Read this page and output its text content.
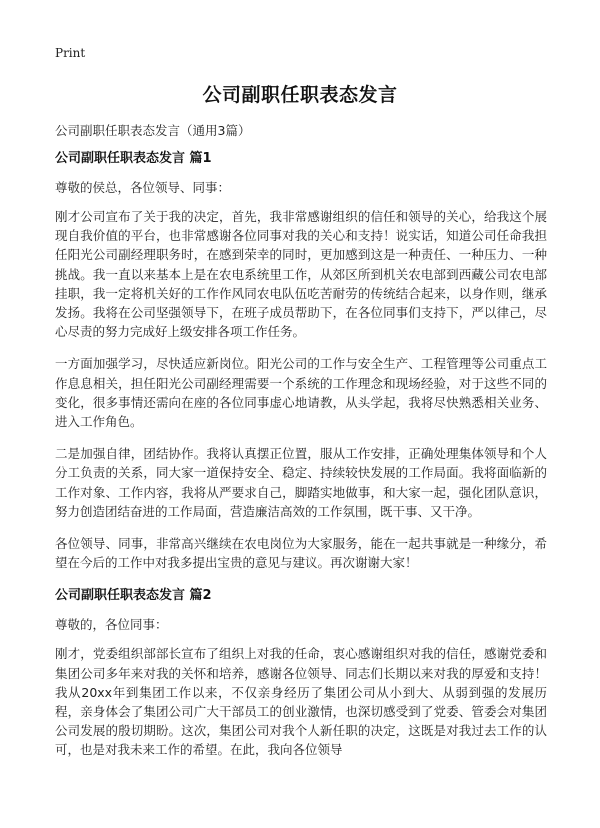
Print
公司副职任职表态发言
公司副职任职表态发言（通用3篇）
公司副职任职表态发言 篇1

尊敬的侯总，各位领导、同事：

刚才公司宣布了关于我的决定，首先，我非常感谢组织的信任和领导的关心，给我这个展现自我价值的平台，也非常感谢各位同事对我的关心和支持！说实话，知道公司任命我担任阳光公司副经理职务时，在感到荣幸的同时，更加感到这是一种责任、一种压力、一种挑战。我一直以来基本上是在农电系统里工作，从郊区所到机关农电部到西藏公司农电部挂职，我一定将机关好的工作作风同农电队伍吃苦耐劳的传统结合起来，以身作则，继承发扬。我将在公司坚强领导下，在班子成员帮助下，在各位同事们支持下，严以律己，尽心尽责的努力完成好上级安排各项工作任务。

一方面加强学习，尽快适应新岗位。阳光公司的工作与安全生产、工程管理等公司重点工作息息相关，担任阳光公司副经理需要一个系统的工作理念和现场经验，对于这些不同的变化，很多事情还需向在座的各位同事虚心地请教，从头学起，我将尽快熟悉相关业务、进入工作角色。

二是加强自律，团结协作。我将认真摆正位置，服从工作安排，正确处理集体领导和个人分工负责的关系，同大家一道保持安全、稳定、持续较快发展的工作局面。我将面临新的工作对象、工作内容，我将从严要求自己，脚踏实地做事，和大家一起，强化团队意识，努力创造团结奋进的工作局面，营造廉洁高效的工作氛围，既干事、又干净。

各位领导、同事，非常高兴继续在农电岗位为大家服务，能在一起共事就是一种缘分，希望在今后的工作中对我多提出宝贵的意见与建议。再次谢谢大家！

公司副职任职表态发言 篇2

尊敬的，各位同事：

刚才，党委组织部部长宣布了组织上对我的任命，衷心感谢组织对我的信任，感谢党委和集团公司多年来对我的关怀和培养，感谢各位领导、同志们长期以来对我的厚爱和支持！我从20xx年到集团工作以来，不仅亲身经历了集团公司从小到大、从弱到强的发展历程，亲身体会了集团公司广大干部员工的创业激情，也深切感受到了党委、管委会对集团公司发展的殷切期盼。这次，集团公司对我个人新任职的决定，这既是对我过去工作的认可，也是对我未来工作的希望。在此，我向各位领导
